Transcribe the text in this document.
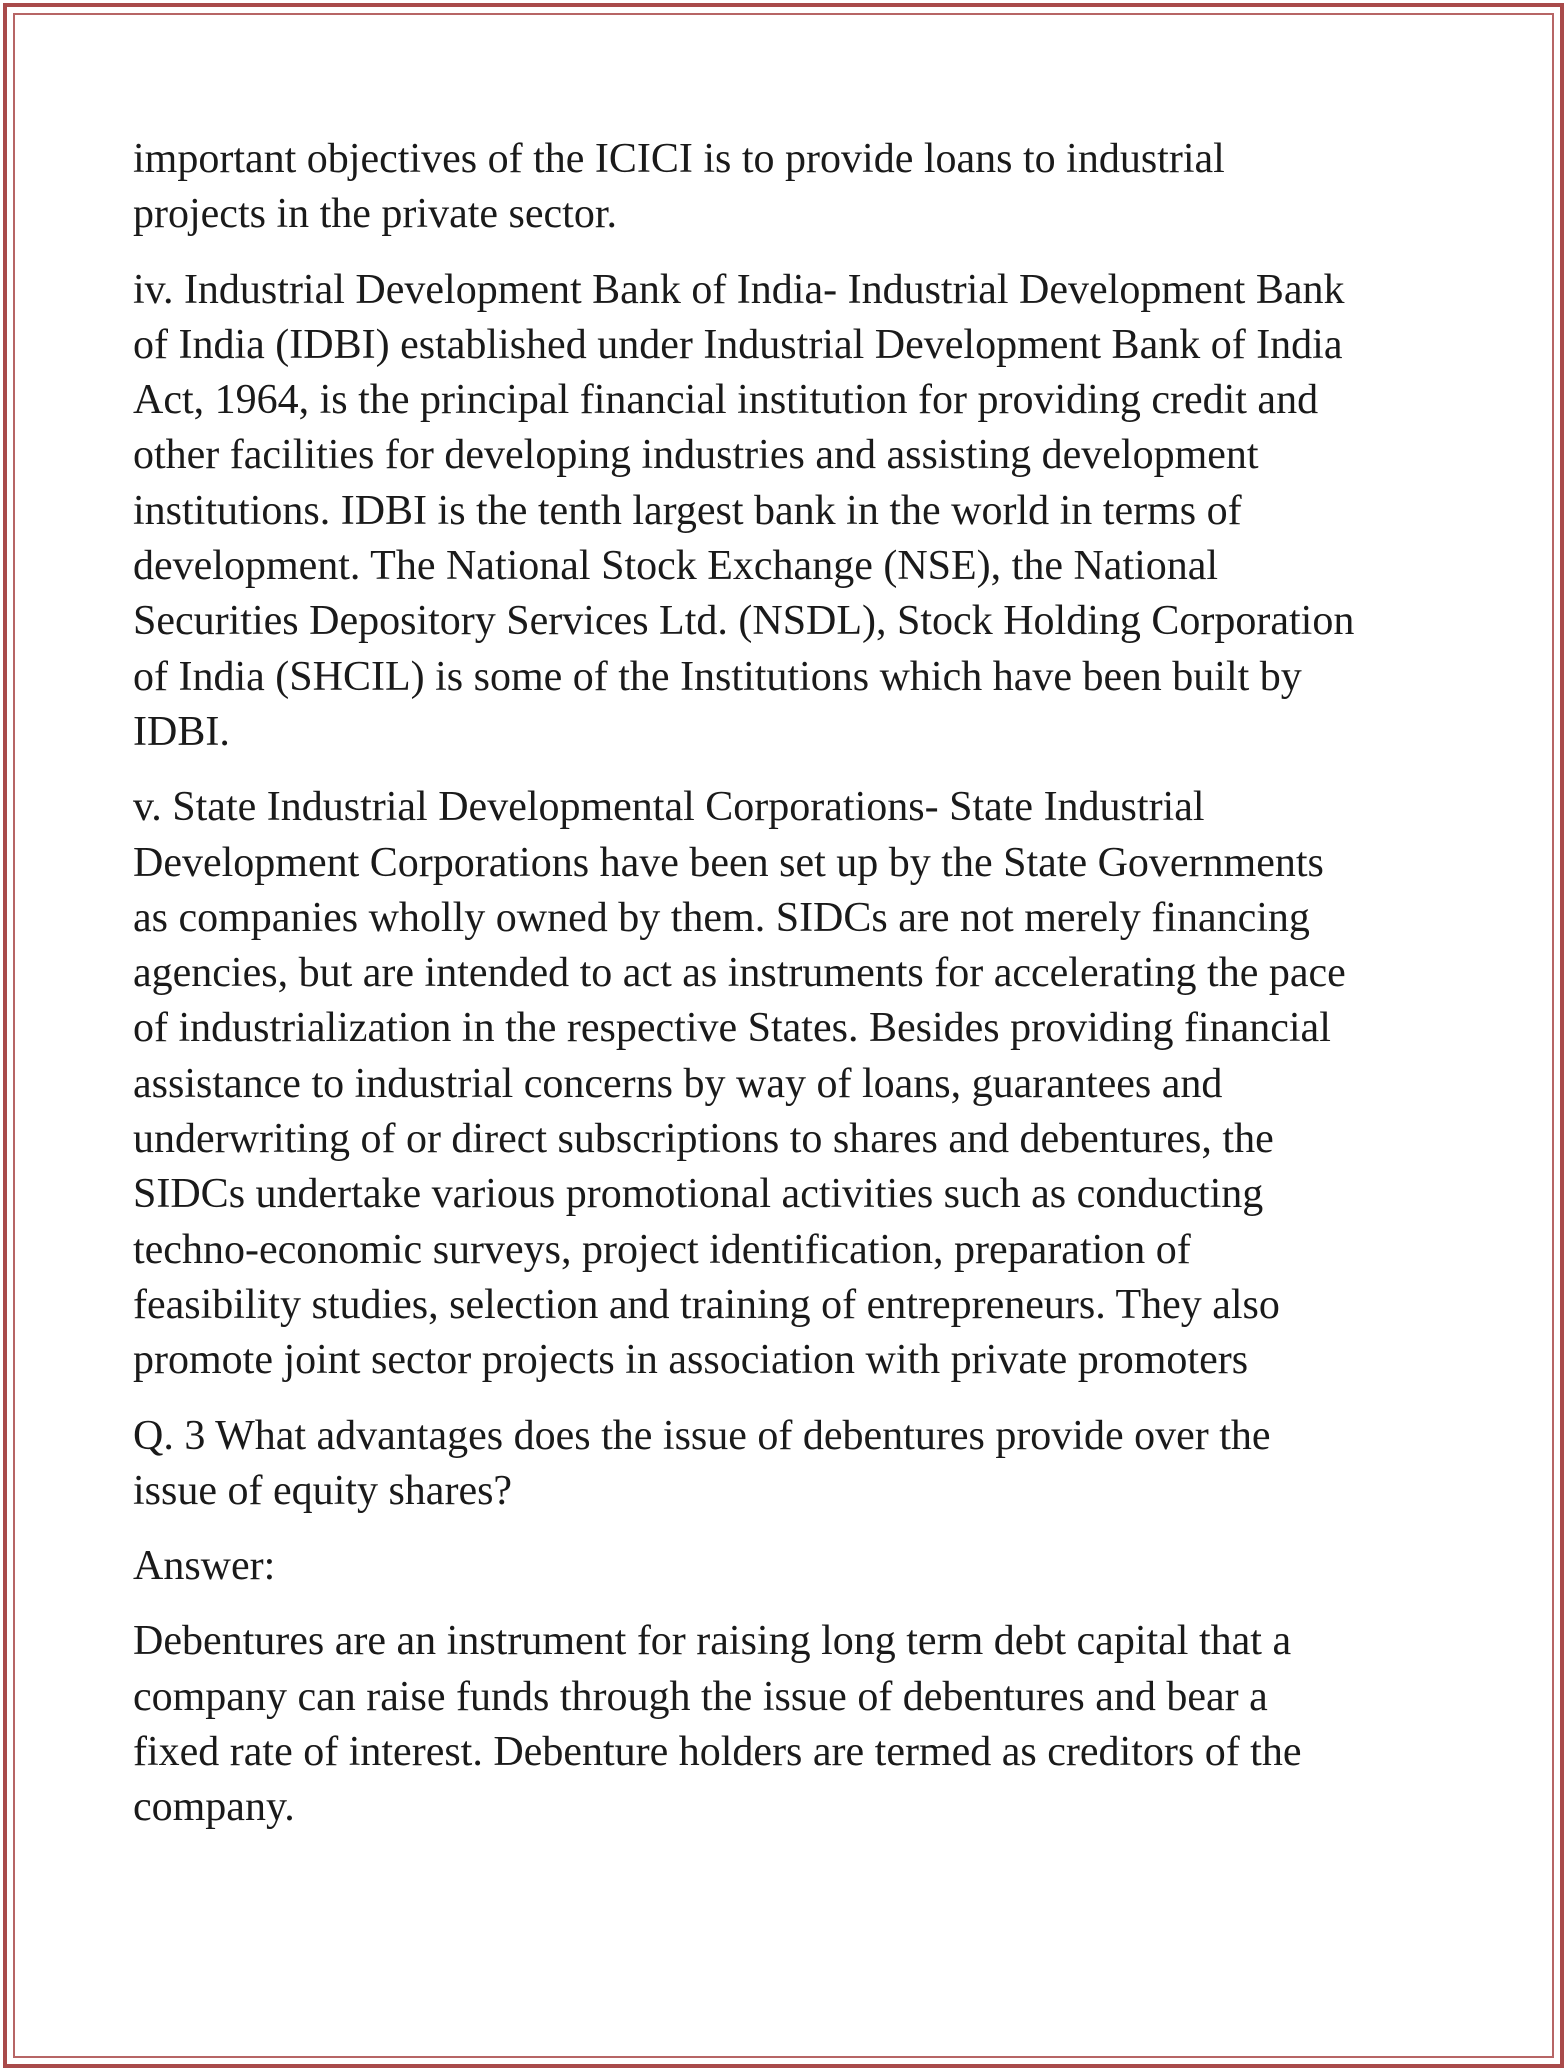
important objectives of the ICICI is to provide loans to industrial
projects in the private sector.

iv. Industrial Development Bank of India- Industrial Development Bank
of India (IDBI) established under Industrial Development Bank of India
Act, 1964, is the principal financial institution for providing credit and
other facilities for developing industries and assisting development
institutions. IDBI is the tenth largest bank in the world in terms of
development. The National Stock Exchange (NSE), the National
Securities Depository Services Ltd. (NSDL), Stock Holding Corporation
of India (SHCIL) is some of the Institutions which have been built by
IDBI.

v. State Industrial Developmental Corporations- State Industrial
Development Corporations have been set up by the State Governments
as companies wholly owned by them. SIDCs are not merely financing
agencies, but are intended to act as instruments for accelerating the pace
of industrialization in the respective States. Besides providing financial
assistance to industrial concerns by way of loans, guarantees and
underwriting of or direct subscriptions to shares and debentures, the
SIDCs undertake various promotional activities such as conducting
techno-economic surveys, project identification, preparation of
feasibility studies, selection and training of entrepreneurs. They also
promote joint sector projects in association with private promoters

Q. 3 What advantages does the issue of debentures provide over the
issue of equity shares?

Answer:

Debentures are an instrument for raising long term debt capital that a
company can raise funds through the issue of debentures and bear a
fixed rate of interest. Debenture holders are termed as creditors of the
company.
